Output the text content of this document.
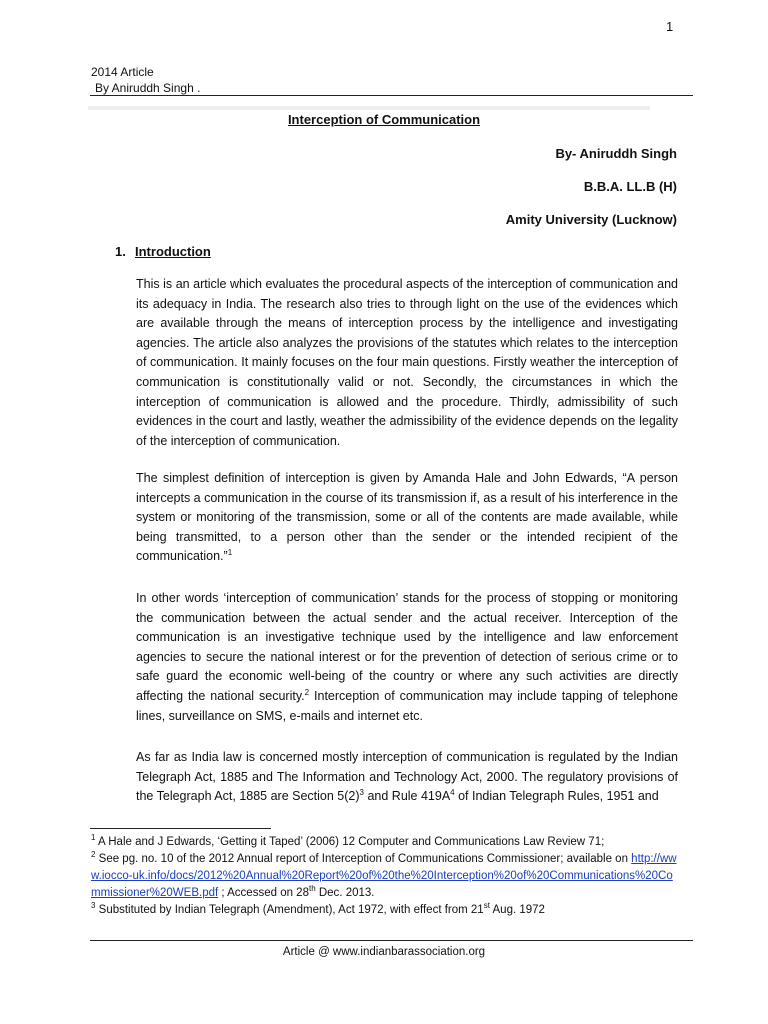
1
2014 Article
By Aniruddh Singh .
Interception of Communication
By- Aniruddh Singh
B.B.A. LL.B (H)
Amity University (Lucknow)
1. Introduction
This is an article which evaluates the procedural aspects of the interception of communication and its adequacy in India. The research also tries to through light on the use of the evidences which are available through the means of interception process by the intelligence and investigating agencies. The article also analyzes the provisions of the statutes which relates to the interception of communication. It mainly focuses on the four main questions. Firstly weather the interception of communication is constitutionally valid or not. Secondly, the circumstances in which the interception of communication is allowed and the procedure. Thirdly, admissibility of such evidences in the court and lastly, weather the admissibility of the evidence depends on the legality of the interception of communication.
The simplest definition of interception is given by Amanda Hale and John Edwards, “A person intercepts a communication in the course of its transmission if, as a result of his interference in the system or monitoring of the transmission, some or all of the contents are made available, while being transmitted, to a person other than the sender or the intended recipient of the communication.”$^1$
In other words ‘interception of communication’ stands for the process of stopping or monitoring the communication between the actual sender and the actual receiver. Interception of the communication is an investigative technique used by the intelligence and law enforcement agencies to secure the national interest or for the prevention of detection of serious crime or to safe guard the economic well-being of the country or where any such activities are directly affecting the national security.$^2$ Interception of communication may include tapping of telephone lines, surveillance on SMS, e-mails and internet etc.
As far as India law is concerned mostly interception of communication is regulated by the Indian Telegraph Act, 1885 and The Information and Technology Act, 2000. The regulatory provisions of the Telegraph Act, 1885 are Section $5(2)^3$ and Rule $419A^4$ of Indian Telegraph Rules, 1951 and

$^1$ A Hale and J Edwards, ‘Getting it Taped’ (2006) 12 Computer and Communications Law Review 71;

$^2$ See pg. no. 10 of the 2012 Annual report of Interception of Communications Commissioner; available on http://www.iocco-uk.info/docs/2012%20Annual%20Report%20of%20the%20Interception%20of%20Communications%20Commissioner%20WEB.pdf ; Accessed on 28th Dec. 2013.

$^3$ Substituted by Indian Telegraph (Amendment), Act 1972, with effect from 21st Aug. 1972

Article @ www.indianbarassociation.org
